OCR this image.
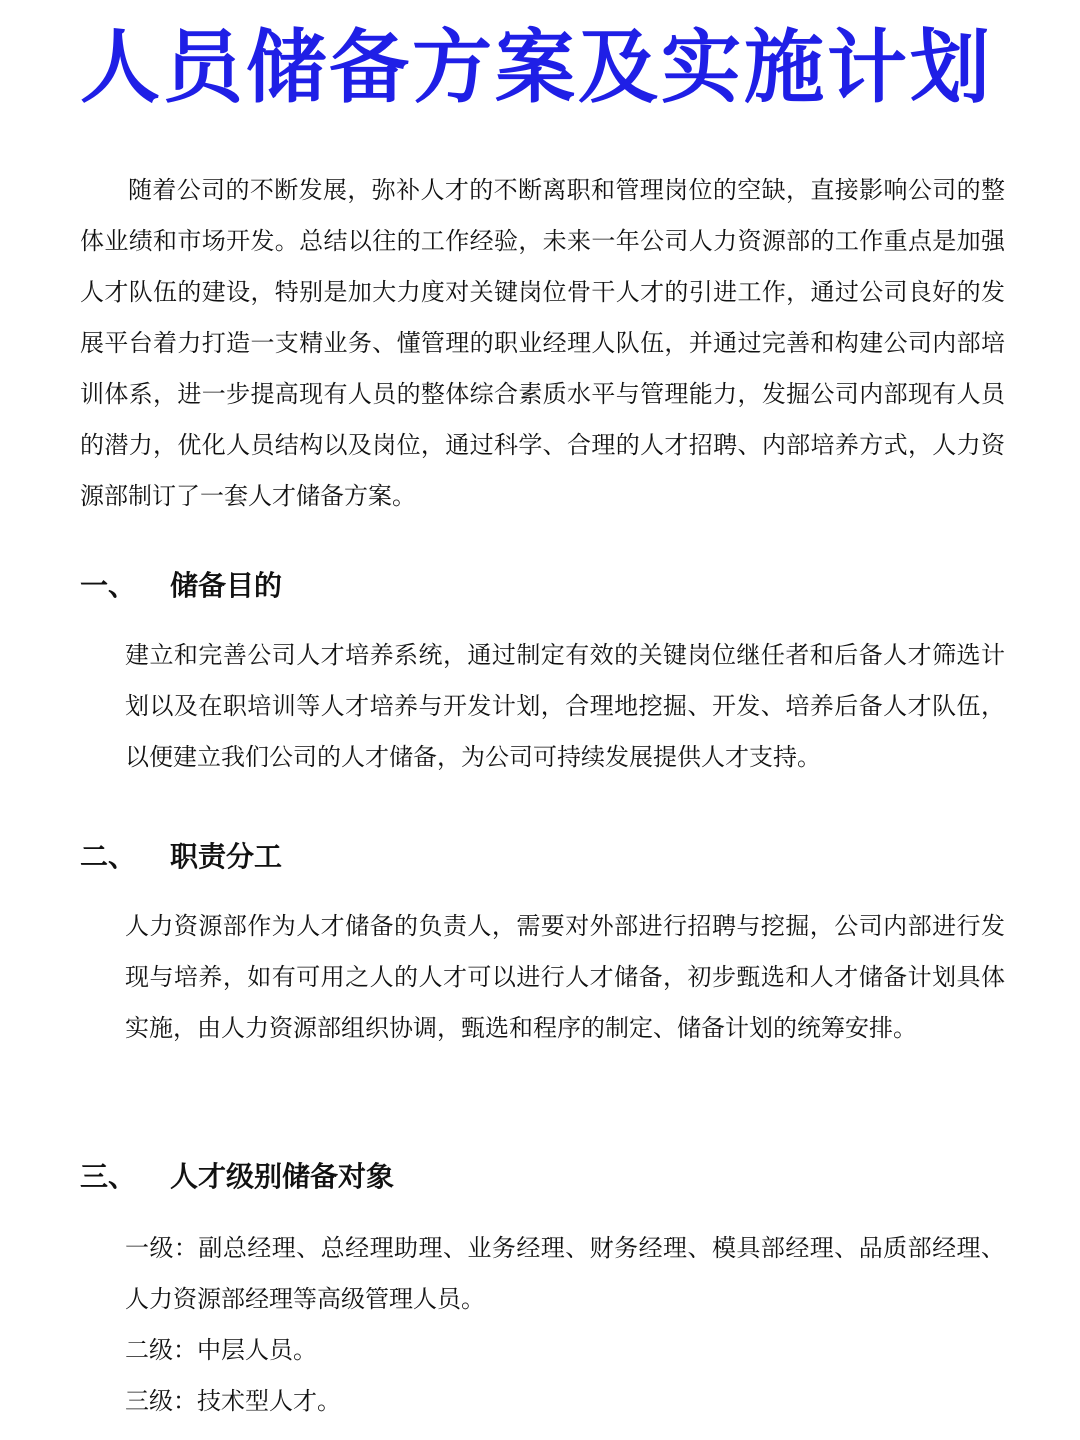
人员储备方案及实施计划

随着公司的不断发展，弥补人才的不断离职和管理岗位的空缺，直接影响公司的整体业绩和市场开发。总结以往的工作经验，未来一年公司人力资源部的工作重点是加强人才队伍的建设，特别是加大力度对关键岗位骨干人才的引进工作，通过公司良好的发展平台着力打造一支精业务、懂管理的职业经理人队伍，并通过完善和构建公司内部培训体系，进一步提高现有人员的整体综合素质水平与管理能力，发掘公司内部现有人员的潜力，优化人员结构以及岗位，通过科学、合理的人才招聘、内部培养方式，人力资源部制订了一套人才储备方案。

一、	储备目的

建立和完善公司人才培养系统，通过制定有效的关键岗位继任者和后备人才筛选计划以及在职培训等人才培养与开发计划，合理地挖掘、开发、培养后备人才队伍，以便建立我们公司的人才储备，为公司可持续发展提供人才支持。

二、	职责分工

人力资源部作为人才储备的负责人，需要对外部进行招聘与挖掘，公司内部进行发现与培养，如有可用之人的人才可以进行人才储备，初步甄选和人才储备计划具体实施，由人力资源部组织协调，甄选和程序的制定、储备计划的统筹安排。

三、	人才级别储备对象

一级：副总经理、总经理助理、业务经理、财务经理、模具部经理、品质部经理、人力资源部经理等高级管理人员。

二级：中层人员。

三级：技术型人才。
